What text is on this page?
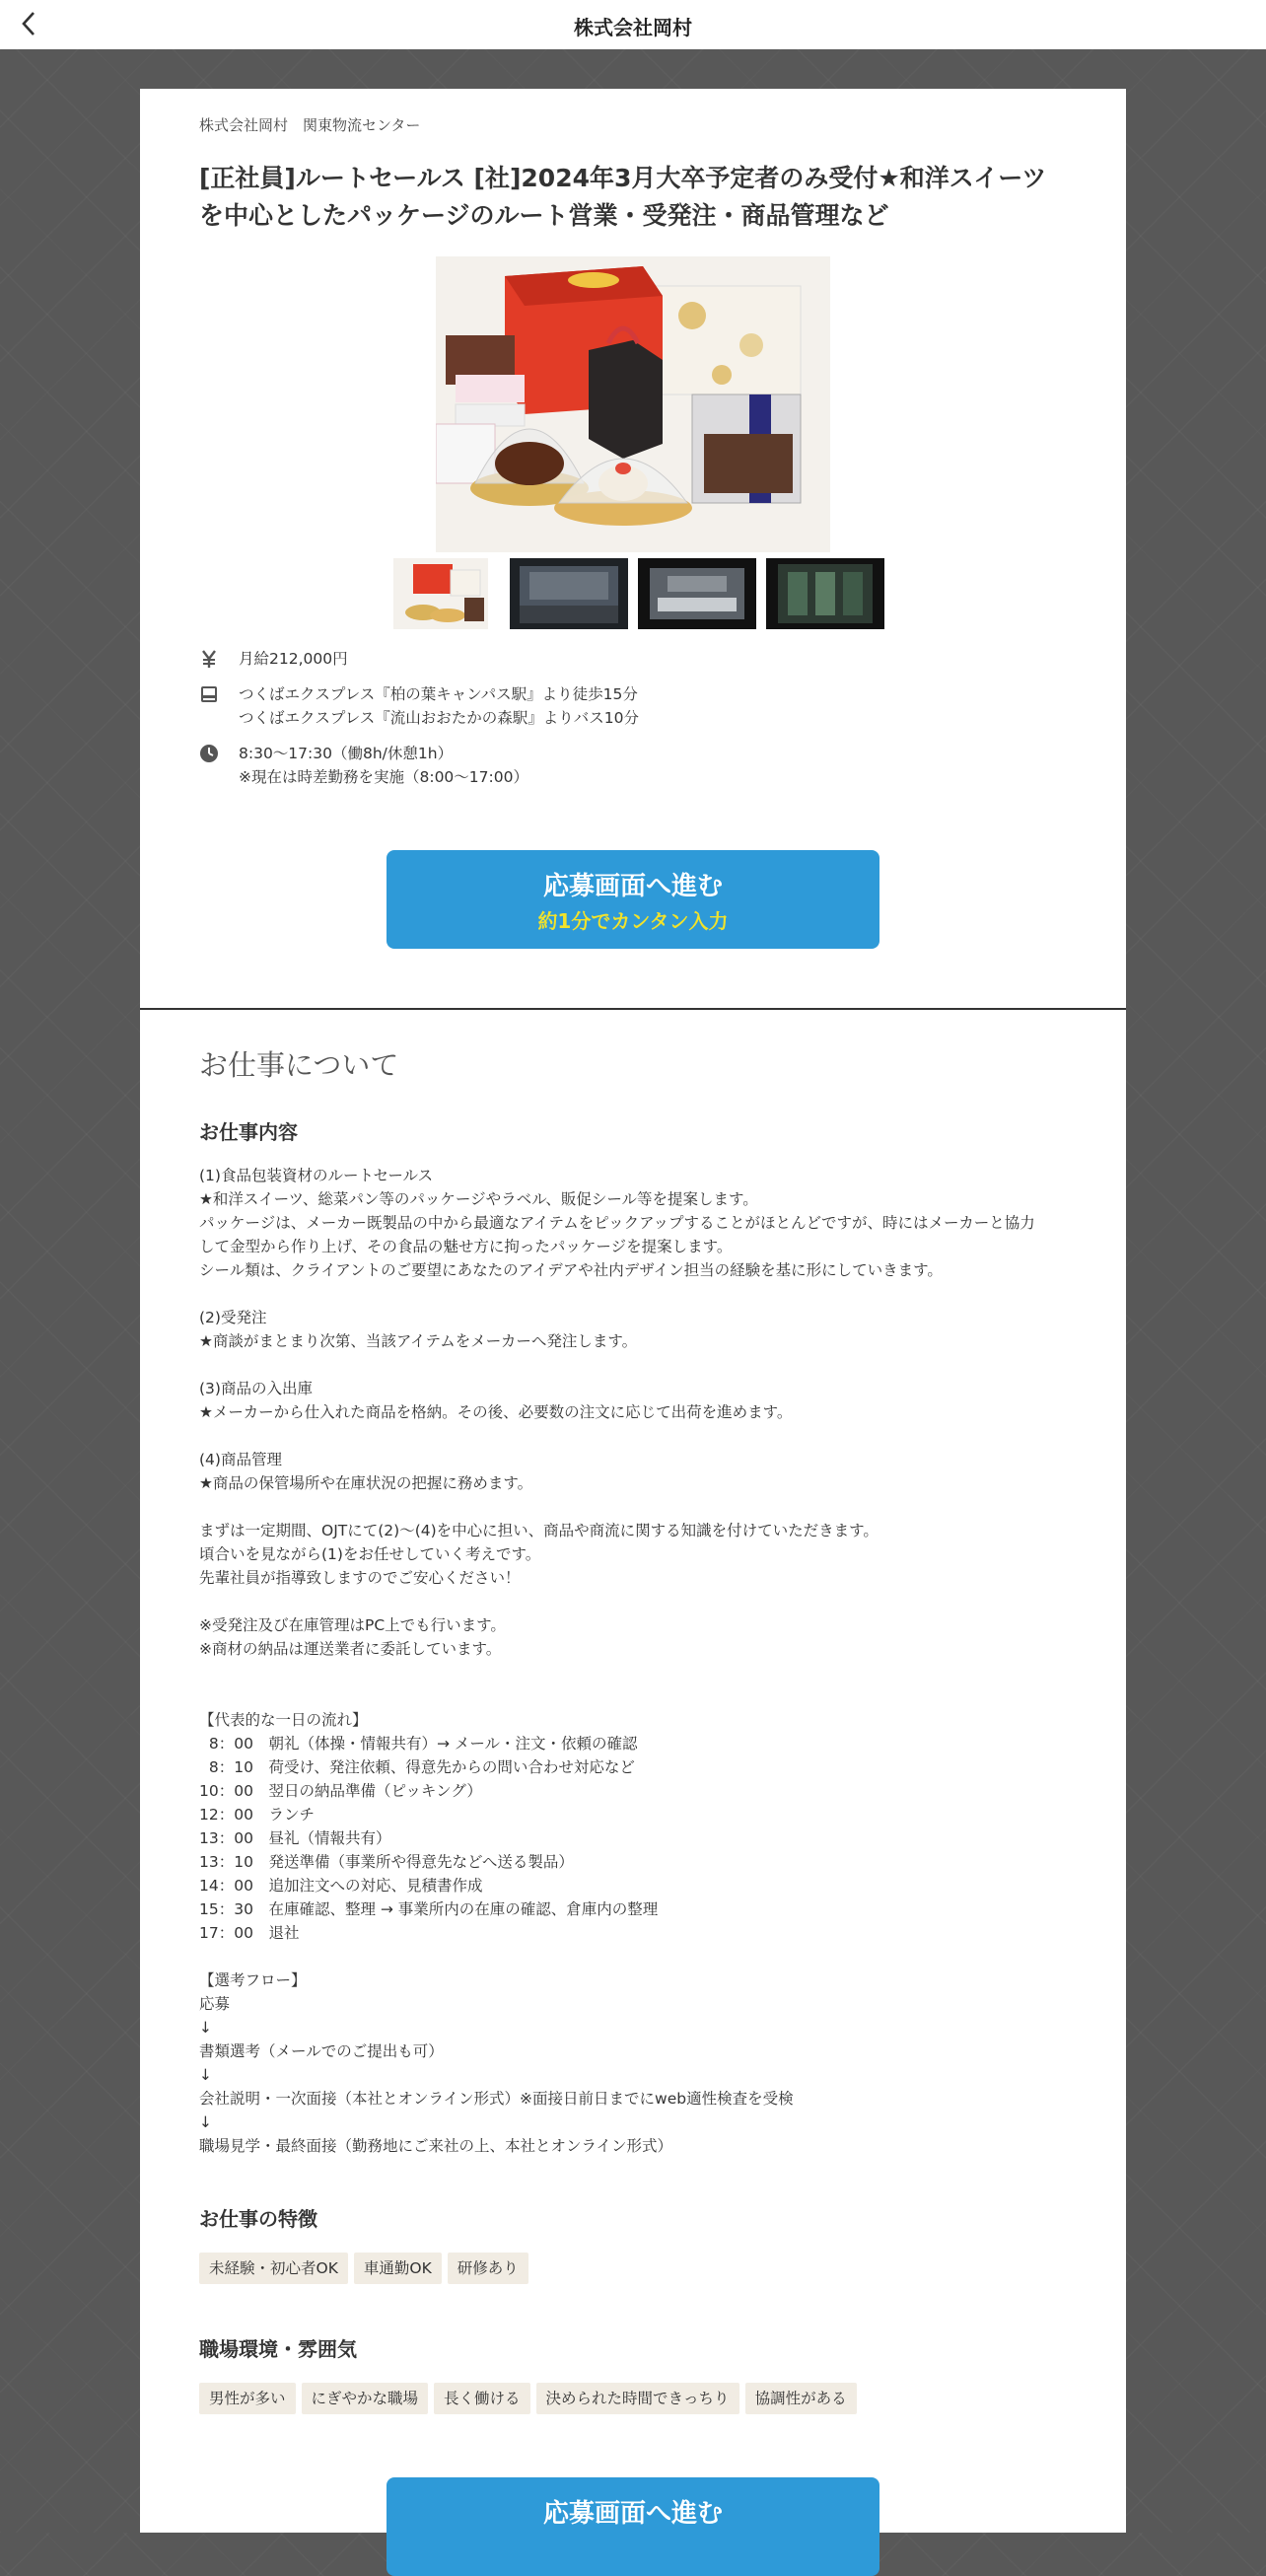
株式会社岡村
株式会社岡村　関東物流センター
[正社員]ルートセールス [社]2024年3月大卒予定者のみ受付★和洋スイーツを中心としたパッケージのルート営業・受発注・商品管理など
月給212,000円
つくばエクスプレス『柏の葉キャンパス駅』より徒歩15分
つくばエクスプレス『流山おおたかの森駅』よりバス10分
8:30～17:30（働8h/休憩1h）
※現在は時差勤務を実施（8:00～17:00）
応募画面へ進む
約1分でカンタン入力
お仕事について
お仕事内容
(1)食品包装資材のルートセールス
★和洋スイーツ、総菜パン等のパッケージやラベル、販促シール等を提案します。
パッケージは、メーカー既製品の中から最適なアイテムをピックアップすることがほとんどですが、時にはメーカーと協力
して金型から作り上げ、その食品の魅せ方に拘ったパッケージを提案します。
シール類は、クライアントのご要望にあなたのアイデアや社内デザイン担当の経験を基に形にしていきます。
(2)受発注
★商談がまとまり次第、当該アイテムをメーカーへ発注します。
(3)商品の入出庫
★メーカーから仕入れた商品を格納。その後、必要数の注文に応じて出荷を進めます。
(4)商品管理
★商品の保管場所や在庫状況の把握に務めます。
まずは一定期間、OJTにて(2)～(4)を中心に担い、商品や商流に関する知識を付けていただきます。
頃合いを見ながら(1)をお任せしていく考えです。
先輩社員が指導致しますのでご安心ください！
※受発注及び在庫管理はPC上でも行います。
※商材の納品は運送業者に委託しています。
【代表的な一日の流れ】
8：00　朝礼（体操・情報共有）→ メール・注文・依頼の確認
8：10　荷受け、発注依頼、得意先からの問い合わせ対応など
10：00　翌日の納品準備（ピッキング）
12：00　ランチ
13：00　昼礼（情報共有）
13：10　発送準備（事業所や得意先などへ送る製品）
14：00　追加注文への対応、見積書作成
15：30　在庫確認、整理 → 事業所内の在庫の確認、倉庫内の整理
17：00　退社
【選考フロー】
応募
↓
書類選考（メールでのご提出も可）
↓
会社説明・一次面接（本社とオンライン形式）※面接日前日までにweb適性検査を受検
↓
職場見学・最終面接（勤務地にご来社の上、本社とオンライン形式）
お仕事の特徴
未経験・初心者OK 車通勤OK 研修あり
職場環境・雰囲気
男性が多い にぎやかな職場 長く働ける 決められた時間できっちり 協調性がある
応募画面へ進む
